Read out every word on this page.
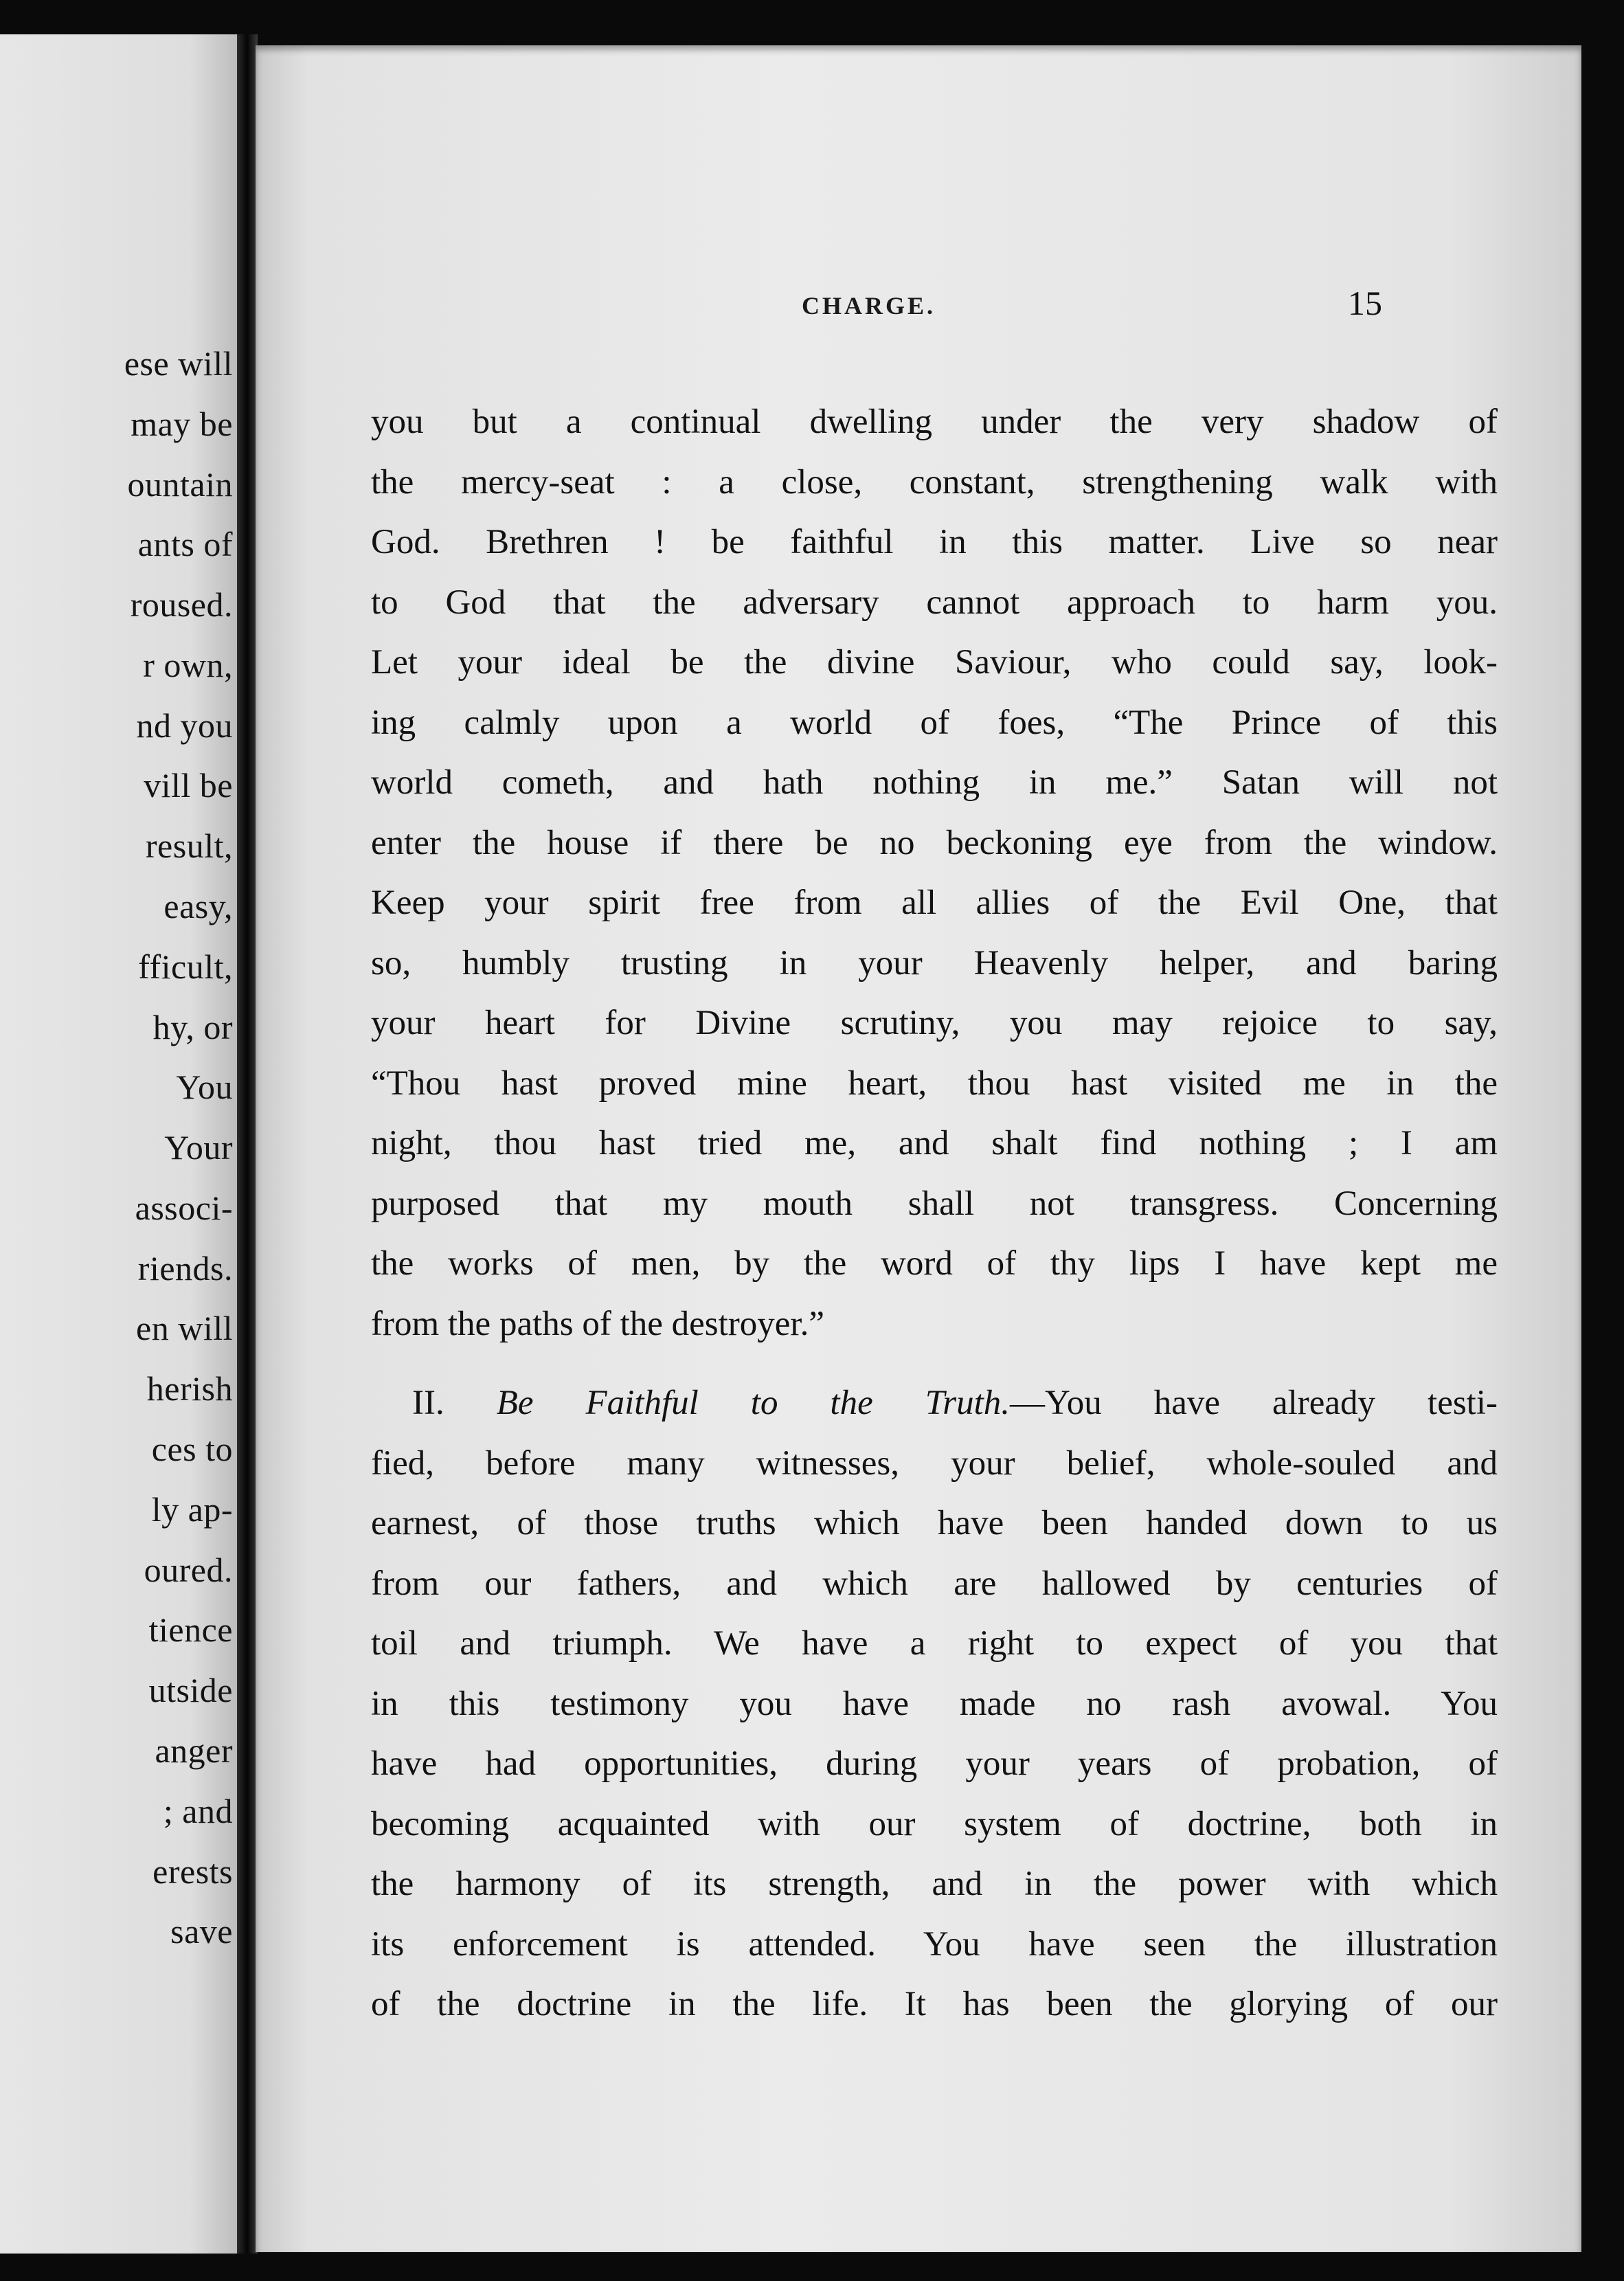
ese will
may be
ountain
ants of
roused.
r own,
nd you
vill be
result,
easy,
fficult,
hy, or
You
Your
associ-
riends.
en will
herish
ces to
ly ap-
oured.
tience
utside
anger
; and
erests
save
CHARGE.	15
you but a continual dwelling under the very shadow of
the mercy-seat : a close, constant, strengthening walk with
God. Brethren ! be faithful in this matter. Live so near
to God that the adversary cannot approach to harm you.
Let your ideal be the divine Saviour, who could say, look-
ing calmly upon a world of foes, “The Prince of this
world cometh, and hath nothing in me.” Satan will not
enter the house if there be no beckoning eye from the window.
Keep your spirit free from all allies of the Evil One, that
so, humbly trusting in your Heavenly helper, and baring
your heart for Divine scrutiny, you may rejoice to say,
“Thou hast proved mine heart, thou hast visited me in the
night, thou hast tried me, and shalt find nothing ; I am
purposed that my mouth shall not transgress. Concerning
the works of men, by the word of thy lips I have kept me
from the paths of the destroyer.”
II. Be Faithful to the Truth.—You have already testi-
fied, before many witnesses, your belief, whole-souled and
earnest, of those truths which have been handed down to us
from our fathers, and which are hallowed by centuries of
toil and triumph. We have a right to expect of you that
in this testimony you have made no rash avowal. You
have had opportunities, during your years of probation, of
becoming acquainted with our system of doctrine, both in
the harmony of its strength, and in the power with which
its enforcement is attended. You have seen the illustration
of the doctrine in the life. It has been the glorying of our
